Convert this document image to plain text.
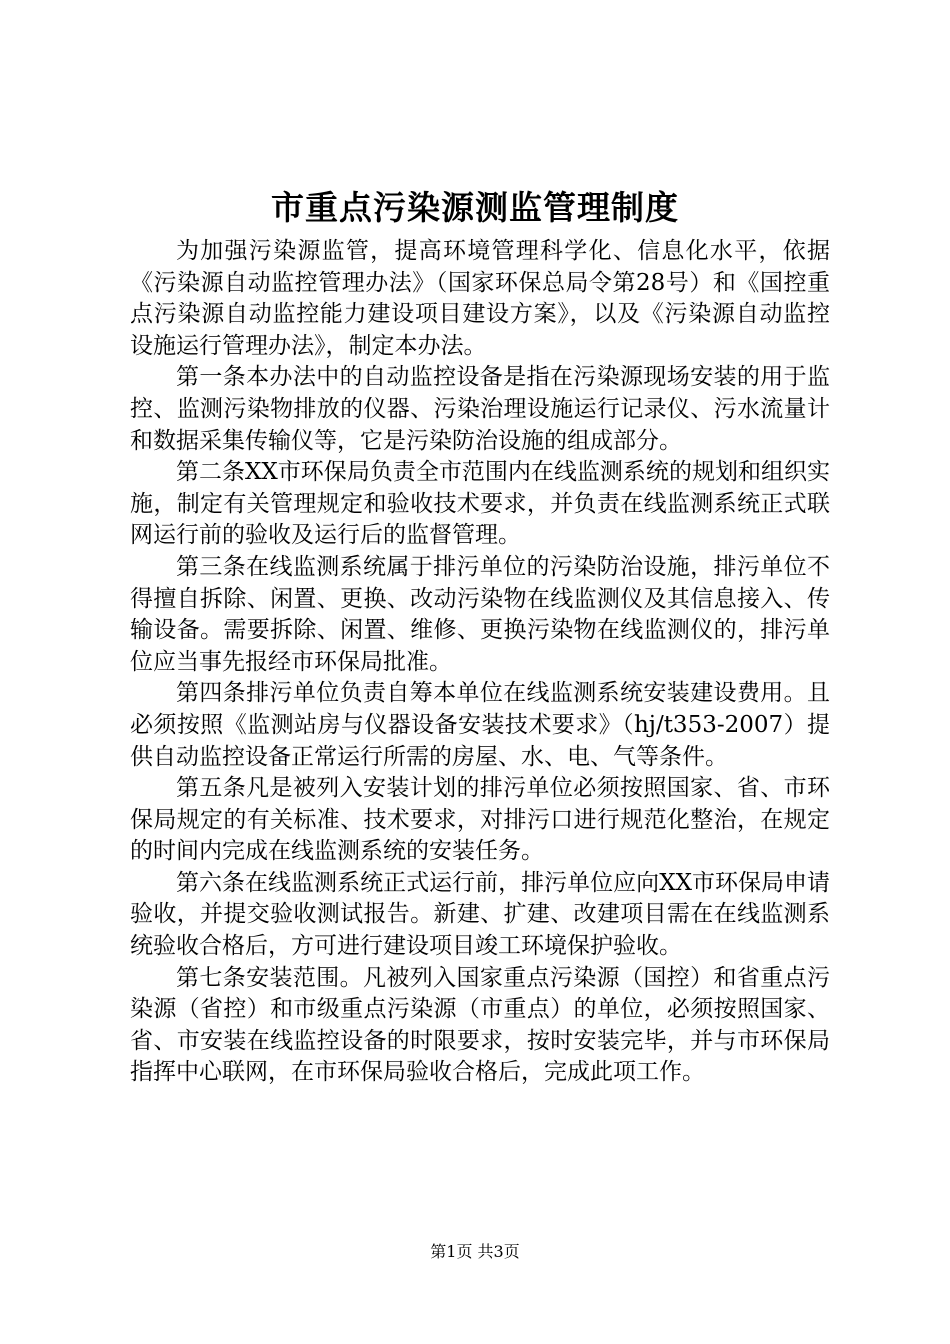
市重点污染源测监管理制度

为加强污染源监管，提高环境管理科学化、信息化水平，依据《污染源自动监控管理办法》（国家环保总局令第28号）和《国控重点污染源自动监控能力建设项目建设方案》，以及《污染源自动监控设施运行管理办法》，制定本办法。

第一条本办法中的自动监控设备是指在污染源现场安装的用于监控、监测污染物排放的仪器、污染治理设施运行记录仪、污水流量计和数据采集传输仪等，它是污染防治设施的组成部分。

第二条XX市环保局负责全市范围内在线监测系统的规划和组织实施，制定有关管理规定和验收技术要求，并负责在线监测系统正式联网运行前的验收及运行后的监督管理。

第三条在线监测系统属于排污单位的污染防治设施，排污单位不得擅自拆除、闲置、更换、改动污染物在线监测仪及其信息接入、传输设备。需要拆除、闲置、维修、更换污染物在线监测仪的，排污单位应当事先报经市环保局批准。

第四条排污单位负责自筹本单位在线监测系统安装建设费用。且必须按照《监测站房与仪器设备安装技术要求》（hj/t353-2007）提供自动监控设备正常运行所需的房屋、水、电、气等条件。

第五条凡是被列入安装计划的排污单位必须按照国家、省、市环保局规定的有关标准、技术要求，对排污口进行规范化整治，在规定的时间内完成在线监测系统的安装任务。

第六条在线监测系统正式运行前，排污单位应向XX市环保局申请验收，并提交验收测试报告。新建、扩建、改建项目需在在线监测系统验收合格后，方可进行建设项目竣工环境保护验收。

第七条安装范围。凡被列入国家重点污染源（国控）和省重点污染源（省控）和市级重点污染源（市重点）的单位，必须按照国家、省、市安装在线监控设备的时限要求，按时安装完毕，并与市环保局指挥中心联网，在市环保局验收合格后，完成此项工作。

第1页 共3页
